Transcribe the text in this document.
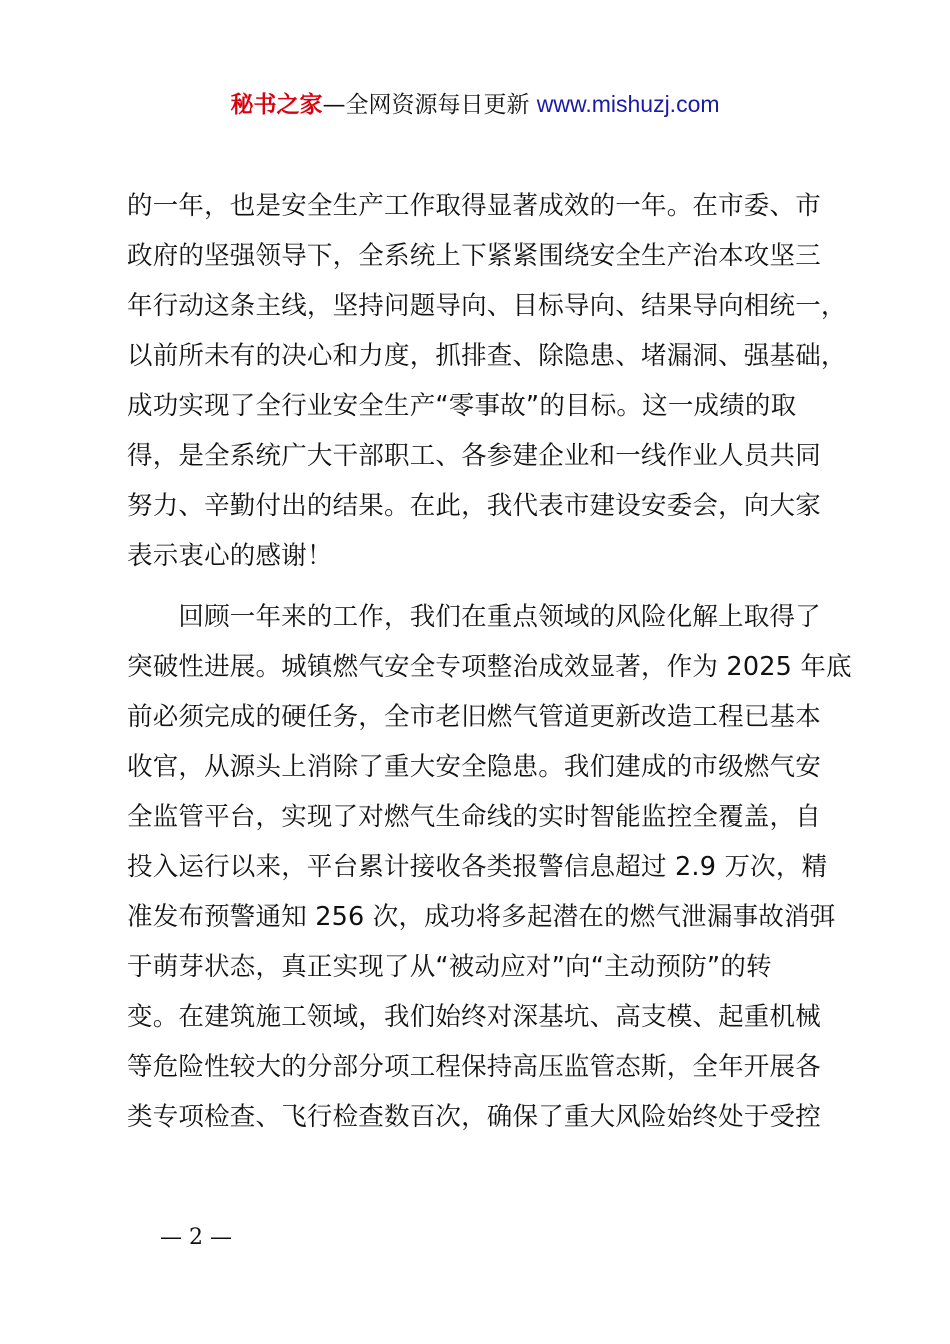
秘书之家—全网资源每日更新 www.mishuzj.com
的一年，也是安全生产工作取得显著成效的一年。在市委、市
政府的坚强领导下，全系统上下紧紧围绕安全生产治本攻坚三
年行动这条主线，坚持问题导向、目标导向、结果导向相统一，
以前所未有的决心和力度，抓排查、除隐患、堵漏洞、强基础，
成功实现了全行业安全生产“零事故”的目标。这一成绩的取
得，是全系统广大干部职工、各参建企业和一线作业人员共同
努力、辛勤付出的结果。在此，我代表市建设安委会，向大家
表示衷心的感谢！
　　回顾一年来的工作，我们在重点领域的风险化解上取得了
突破性进展。城镇燃气安全专项整治成效显著，作为 2025 年底
前必须完成的硬任务，全市老旧燃气管道更新改造工程已基本
收官，从源头上消除了重大安全隐患。我们建成的市级燃气安
全监管平台，实现了对燃气生命线的实时智能监控全覆盖，自
投入运行以来，平台累计接收各类报警信息超过 2.9 万次，精
准发布预警通知 256 次，成功将多起潜在的燃气泄漏事故消弭
于萌芽状态，真正实现了从“被动应对”向“主动预防”的转
变。在建筑施工领域，我们始终对深基坑、高支模、起重机械
等危险性较大的分部分项工程保持高压监管态斯，全年开展各
类专项检查、飞行检查数百次，确保了重大风险始终处于受控
— 2 —
